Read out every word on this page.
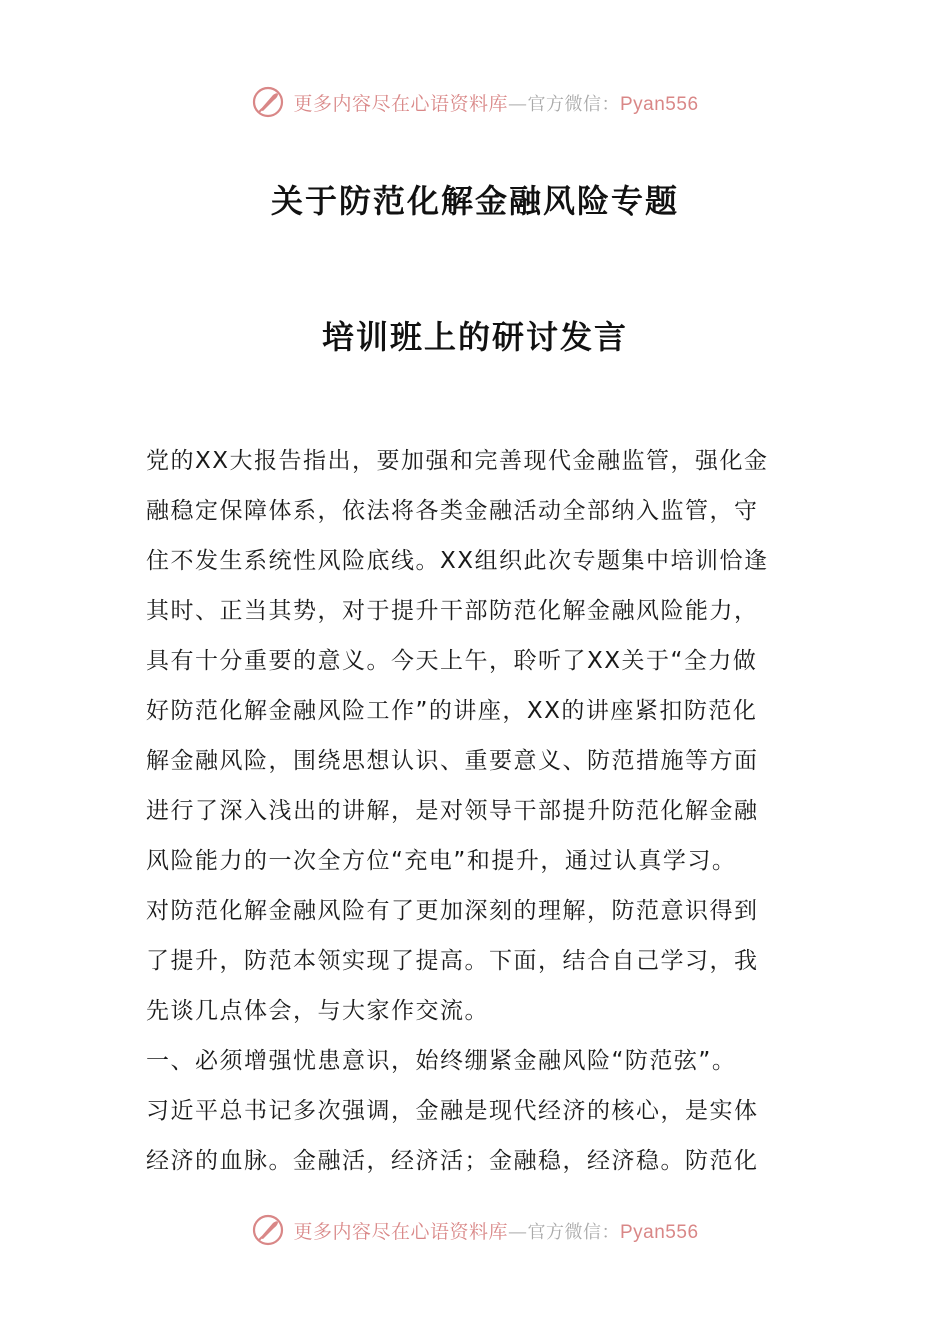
更多内容尽在心语资料库—官方微信：Pyan556
关于防范化解金融风险专题
培训班上的研讨发言

党的XX大报告指出，要加强和完善现代金融监管，强化金

融稳定保障体系，依法将各类金融活动全部纳入监管，守

住不发生系统性风险底线。XX组织此次专题集中培训恰逢

其时、正当其势，对于提升干部防范化解金融风险能力，

具有十分重要的意义。今天上午，聆听了XX关于“全力做

好防范化解金融风险工作”的讲座，XX的讲座紧扣防范化

解金融风险，围绕思想认识、重要意义、防范措施等方面

进行了深入浅出的讲解，是对领导干部提升防范化解金融

风险能力的一次全方位“充电”和提升，通过认真学习。

对防范化解金融风险有了更加深刻的理解，防范意识得到

了提升，防范本领实现了提高。下面，结合自己学习，我

先谈几点体会，与大家作交流。

一、必须增强忧患意识，始终绷紧金融风险“防范弦”。

习近平总书记多次强调，金融是现代经济的核心，是实体

经济的血脉。金融活，经济活；金融稳，经济稳。防范化

更多内容尽在心语资料库—官方微信：Pyan556
